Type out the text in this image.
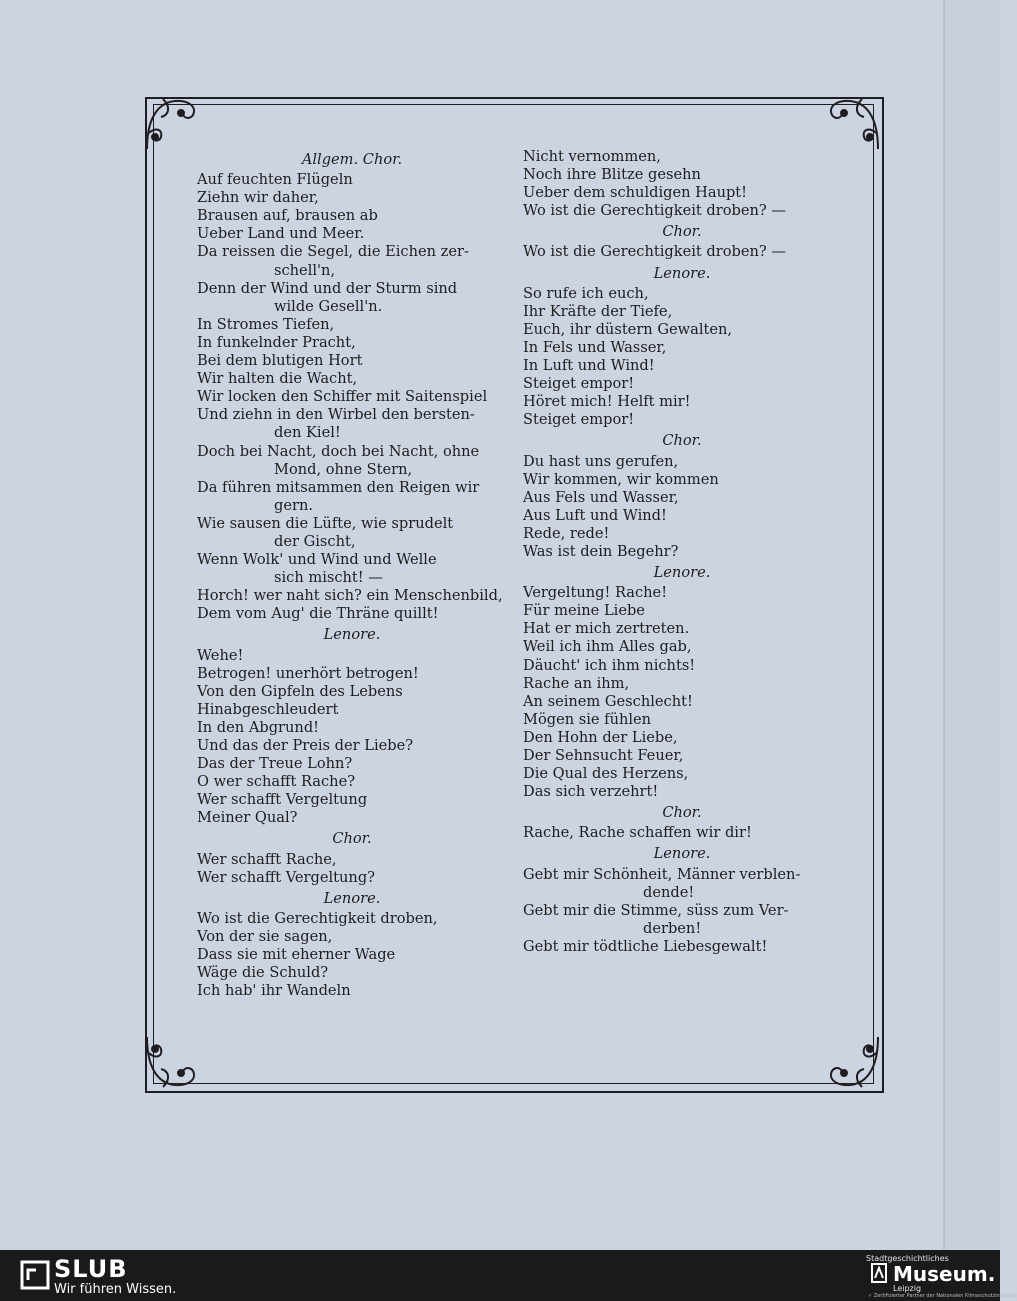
Allgem. Chor.
Auf feuchten Flügeln
Ziehn wir daher,
Brausen auf, brausen ab
Ueber Land und Meer.
Da reissen die Segel, die Eichen zer-
schell'n,
Denn der Wind und der Sturm sind
wilde Gesell'n.
In Stromes Tiefen,
In funkelnder Pracht,
Bei dem blutigen Hort
Wir halten die Wacht,
Wir locken den Schiffer mit Saitenspiel
Und ziehn in den Wirbel den bersten-
den Kiel!
Doch bei Nacht, doch bei Nacht, ohne
Mond, ohne Stern,
Da führen mitsammen den Reigen wir
gern.
Wie sausen die Lüfte, wie sprudelt
der Gischt,
Wenn Wolk' und Wind und Welle
sich mischt! —
Horch! wer naht sich? ein Menschenbild,
Dem vom Aug' die Thräne quillt!
Lenore.
Wehe!
Betrogen! unerhört betrogen!
Von den Gipfeln des Lebens
Hinabgeschleudert
In den Abgrund!
Und das der Preis der Liebe?
Das der Treue Lohn?
O wer schafft Rache?
Wer schafft Vergeltung
Meiner Qual?
Chor.
Wer schafft Rache,
Wer schafft Vergeltung?
Lenore.
Wo ist die Gerechtigkeit droben,
Von der sie sagen,
Dass sie mit eherner Wage
Wäge die Schuld?
Ich hab' ihr Wandeln
Nicht vernommen,
Noch ihre Blitze gesehn
Ueber dem schuldigen Haupt!
Wo ist die Gerechtigkeit droben? —
Chor.
Wo ist die Gerechtigkeit droben? —
Lenore.
So rufe ich euch,
Ihr Kräfte der Tiefe,
Euch, ihr düstern Gewalten,
In Fels und Wasser,
In Luft und Wind!
Steiget empor!
Höret mich! Helft mir!
Steiget empor!
Chor.
Du hast uns gerufen,
Wir kommen, wir kommen
Aus Fels und Wasser,
Aus Luft und Wind!
Rede, rede!
Was ist dein Begehr?
Lenore.
Vergeltung! Rache!
Für meine Liebe
Hat er mich zertreten.
Weil ich ihm Alles gab,
Däucht' ich ihm nichts!
Rache an ihm,
An seinem Geschlecht!
Mögen sie fühlen
Den Hohn der Liebe,
Der Sehnsucht Feuer,
Die Qual des Herzens,
Das sich verzehrt!
Chor.
Rache, Rache schaffen wir dir!
Lenore.
Gebt mir Schönheit, Männer verblen-
dende!
Gebt mir die Stimme, süss zum Ver-
derben!
Gebt mir tödtliche Liebesgewalt!
SLUB
Wir führen Wissen.
Stadtgeschichtliches
Museum.
Leipzig
✓ Zertifizierter Partner der Nationalen Klimaschutzinitiative
